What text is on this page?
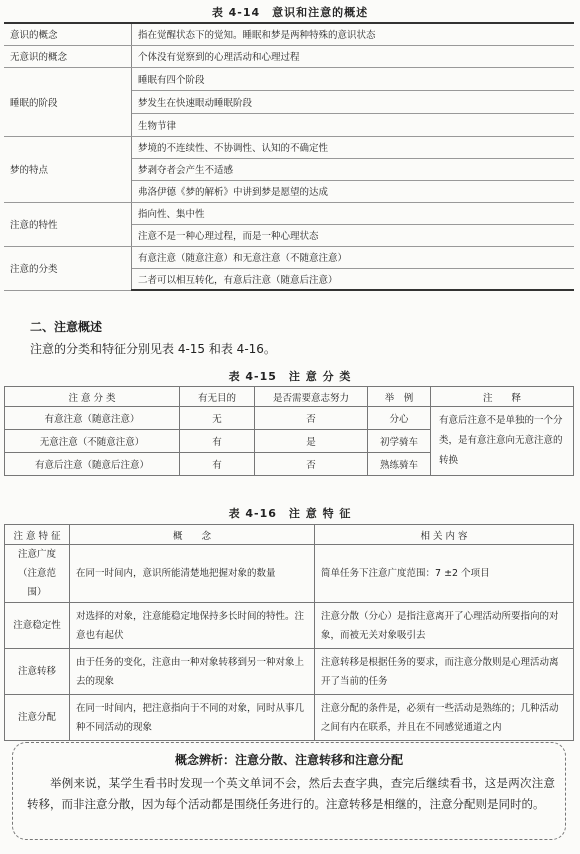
表 4-14　意识和注意的概述
意识的概念	指在觉醒状态下的觉知。睡眠和梦是两种特殊的意识状态
无意识的概念	个体没有觉察到的心理活动和心理过程
睡眠的阶段	睡眠有四个阶段
	梦发生在快速眼动睡眠阶段
	生物节律
梦的特点	梦境的不连续性、不协调性、认知的不确定性
	梦剥夺者会产生不适感
	弗洛伊德《梦的解析》中讲到梦是愿望的达成
注意的特性	指向性、集中性
	注意不是一种心理过程，而是一种心理状态
注意的分类	有意注意（随意注意）和无意注意（不随意注意）
	二者可以相互转化，有意后注意（随意后注意）
二、注意概述
注意的分类和特征分别见表 4-15 和表 4-16。
表 4-15　注 意 分 类
注 意 分 类	有无目的	是否需要意志努力	举　例	注　　释
有意注意（随意注意）	无	否	分心	有意后注意不是单独的一个分类，是有意注意向无意注意的转换
无意注意（不随意注意）	有	是	初学骑车	
有意后注意（随意后注意）	有	否	熟练骑车	
表 4-16　注 意 特 征
注 意 特 征	概　　念	相 关 内 容
注意广度（注意范围）	在同一时间内，意识所能清楚地把握对象的数量	简单任务下注意广度范围：7 ±2 个项目
注意稳定性	对选择的对象，注意能稳定地保持多长时间的特性。注意也有起伏	注意分散（分心）是指注意离开了心理活动所要指向的对象，而被无关对象吸引去
注意转移	由于任务的变化，注意由一种对象转移到另一种对象上去的现象	注意转移是根据任务的要求，而注意分散则是心理活动离开了当前的任务
注意分配	在同一时间内，把注意指向于不同的对象，同时从事几种不同活动的现象	注意分配的条件是，必须有一些活动是熟练的；几种活动之间有内在联系，并且在不同感觉通道之内
概念辨析：注意分散、注意转移和注意分配
举例来说，某学生看书时发现一个英文单词不会，然后去查字典，查完后继续看书，这是两次注意转移，而非注意分散，因为每个活动都是围绕任务进行的。注意转移是相继的，注意分配则是同时的。
